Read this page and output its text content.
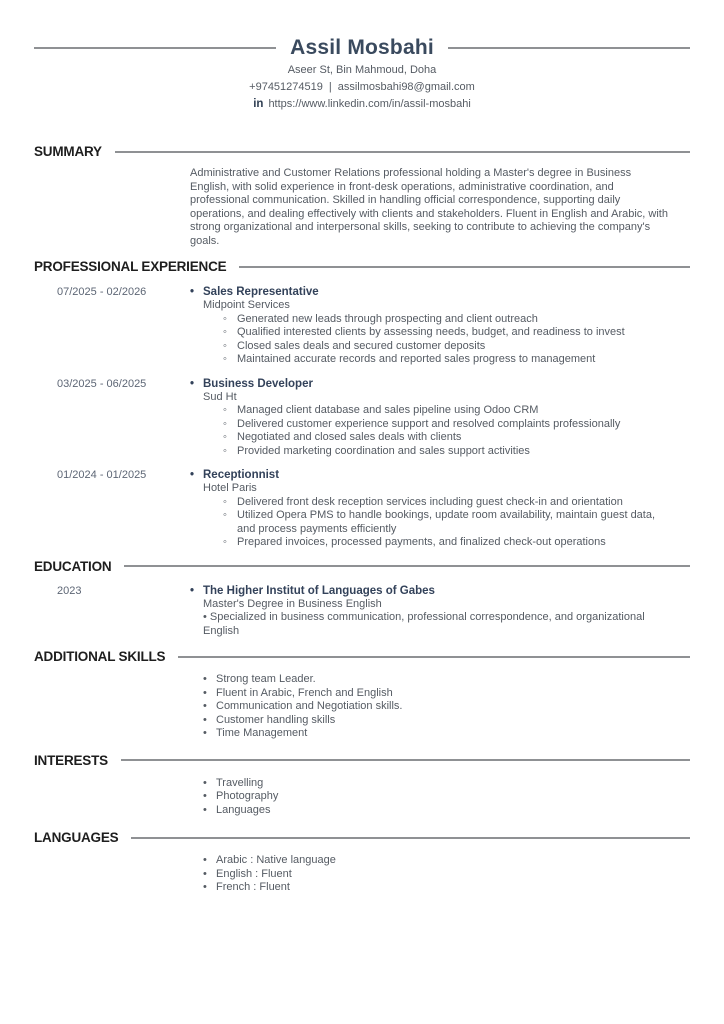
Assil Mosbahi
Aseer St, Bin Mahmoud, Doha
+97451274519 | assilmosbahi98@gmail.com
in https://www.linkedin.com/in/assil-mosbahi
SUMMARY

Administrative and Customer Relations professional holding a Master's degree in Business English, with solid experience in front-desk operations, administrative coordination, and professional communication. Skilled in handling official correspondence, supporting daily operations, and dealing effectively with clients and stakeholders. Fluent in English and Arabic, with strong organizational and interpersonal skills, seeking to contribute to achieving the company's goals.

PROFESSIONAL EXPERIENCE
07/2025 - 02/2026	• Sales Representative
Midpoint Services
◦ Generated new leads through prospecting and client outreach
◦ Qualified interested clients by assessing needs, budget, and readiness to invest
◦ Closed sales deals and secured customer deposits
◦ Maintained accurate records and reported sales progress to management
03/2025 - 06/2025	• Business Developer
Sud Ht
◦ Managed client database and sales pipeline using Odoo CRM
◦ Delivered customer experience support and resolved complaints professionally
◦ Negotiated and closed sales deals with clients
◦ Provided marketing coordination and sales support activities
01/2024 - 01/2025	• Receptionnist
Hotel Paris
◦ Delivered front desk reception services including guest check-in and orientation
◦ Utilized Opera PMS to handle bookings, update room availability, maintain guest data, and process payments efficiently
◦ Prepared invoices, processed payments, and finalized check-out operations
EDUCATION
2023	• The Higher Institut of Languages of Gabes
Master's Degree in Business English
• Specialized in business communication, professional correspondence, and organizational English
ADDITIONAL SKILLS
• Strong team Leader.
• Fluent in Arabic, French and English
• Communication and Negotiation skills.
• Customer handling skills
• Time Management
INTERESTS
• Travelling
• Photography
• Languages
LANGUAGES
• Arabic : Native language
• English : Fluent
• French : Fluent
